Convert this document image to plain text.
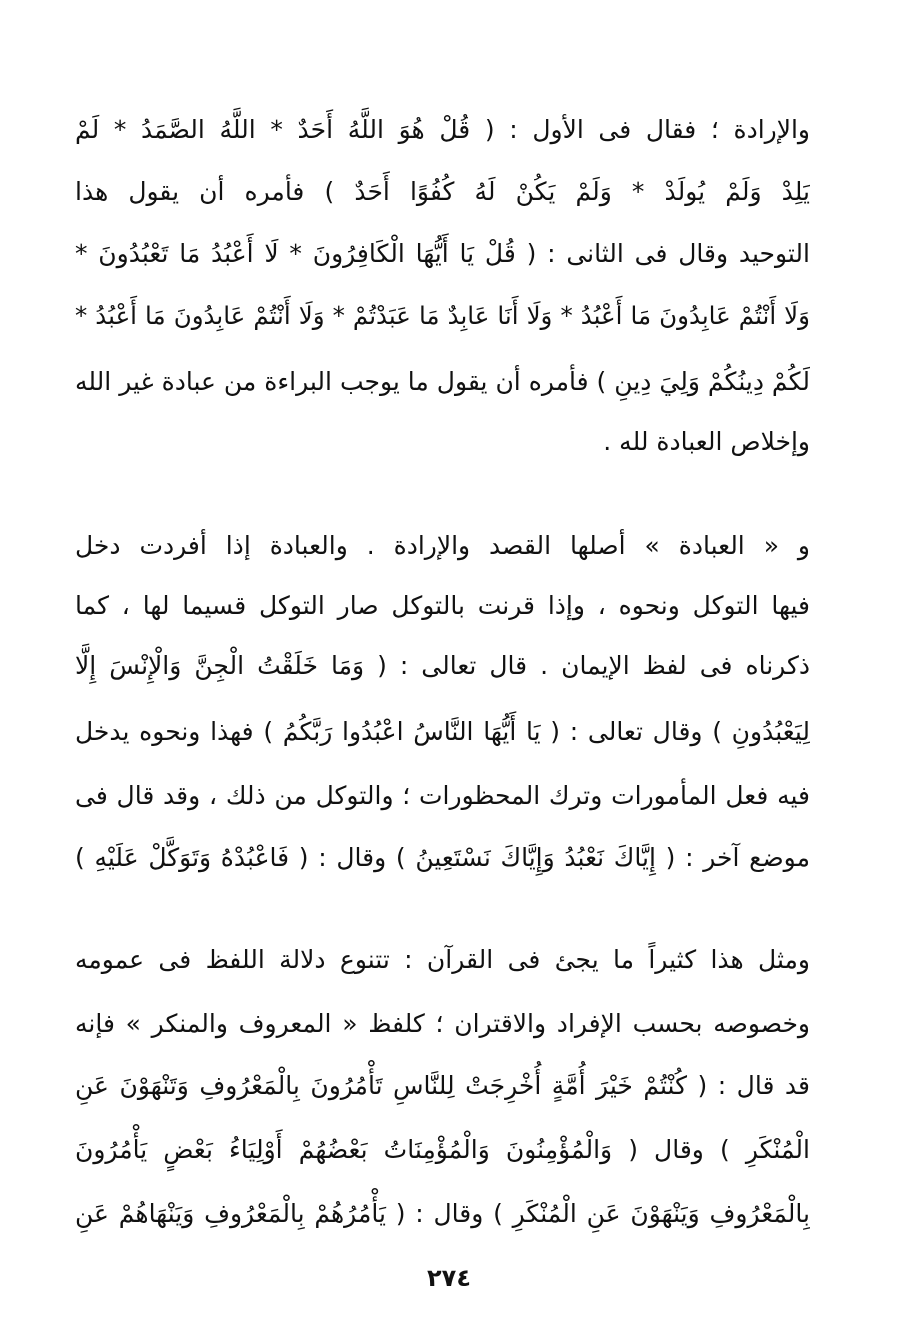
والإرادة ؛ فقال فى الأول : ( قُلْ هُوَ اللَّهُ أَحَدٌ * اللَّهُ الصَّمَدُ * لَمْ
يَلِدْ وَلَمْ يُولَدْ * وَلَمْ يَكُنْ لَهُ كُفُوًا أَحَدٌ ) فأمره أن يقول هذا
التوحيد وقال فى الثانى : ( قُلْ يَا أَيُّهَا الْكَافِرُونَ * لَا أَعْبُدُ مَا تَعْبُدُونَ *
وَلَا أَنْتُمْ عَابِدُونَ مَا أَعْبُدُ * وَلَا أَنَا عَابِدٌ مَا عَبَدْتُمْ * وَلَا أَنْتُمْ عَابِدُونَ مَا أَعْبُدُ *
لَكُمْ دِينُكُمْ وَلِيَ دِينِ ) فأمره أن يقول ما يوجب البراءة من عبادة غير الله
وإخلاص العبادة لله .
و « العبادة » أصلها القصد والإرادة . والعبادة إذا أفردت دخل
فيها التوكل ونحوه ، وإذا قرنت بالتوكل صار التوكل قسيما لها ، كما
ذكرناه فى لفظ الإيمان . قال تعالى : ( وَمَا خَلَقْتُ الْجِنَّ وَالْإِنْسَ إِلَّا
لِيَعْبُدُونِ ) وقال تعالى : ( يَا أَيُّهَا النَّاسُ اعْبُدُوا رَبَّكُمُ ) فهذا ونحوه يدخل
فيه فعل المأمورات وترك المحظورات ؛ والتوكل من ذلك ، وقد قال فى
موضع آخر : ( إِيَّاكَ نَعْبُدُ وَإِيَّاكَ نَسْتَعِينُ ) وقال : ( فَاعْبُدْهُ وَتَوَكَّلْ عَلَيْهِ )
ومثل هذا كثيراً ما يجئ فى القرآن : تتنوع دلالة اللفظ فى عمومه
وخصوصه بحسب الإفراد والاقتران ؛ كلفظ « المعروف والمنكر » فإنه
قد قال : ( كُنْتُمْ خَيْرَ أُمَّةٍ أُخْرِجَتْ لِلنَّاسِ تَأْمُرُونَ بِالْمَعْرُوفِ وَتَنْهَوْنَ عَنِ
الْمُنْكَرِ ) وقال ( وَالْمُؤْمِنُونَ وَالْمُؤْمِنَاتُ بَعْضُهُمْ أَوْلِيَاءُ بَعْضٍ يَأْمُرُونَ
بِالْمَعْرُوفِ وَيَنْهَوْنَ عَنِ الْمُنْكَرِ ) وقال : ( يَأْمُرُهُمْ بِالْمَعْرُوفِ وَيَنْهَاهُمْ عَنِ
٢٧٤
